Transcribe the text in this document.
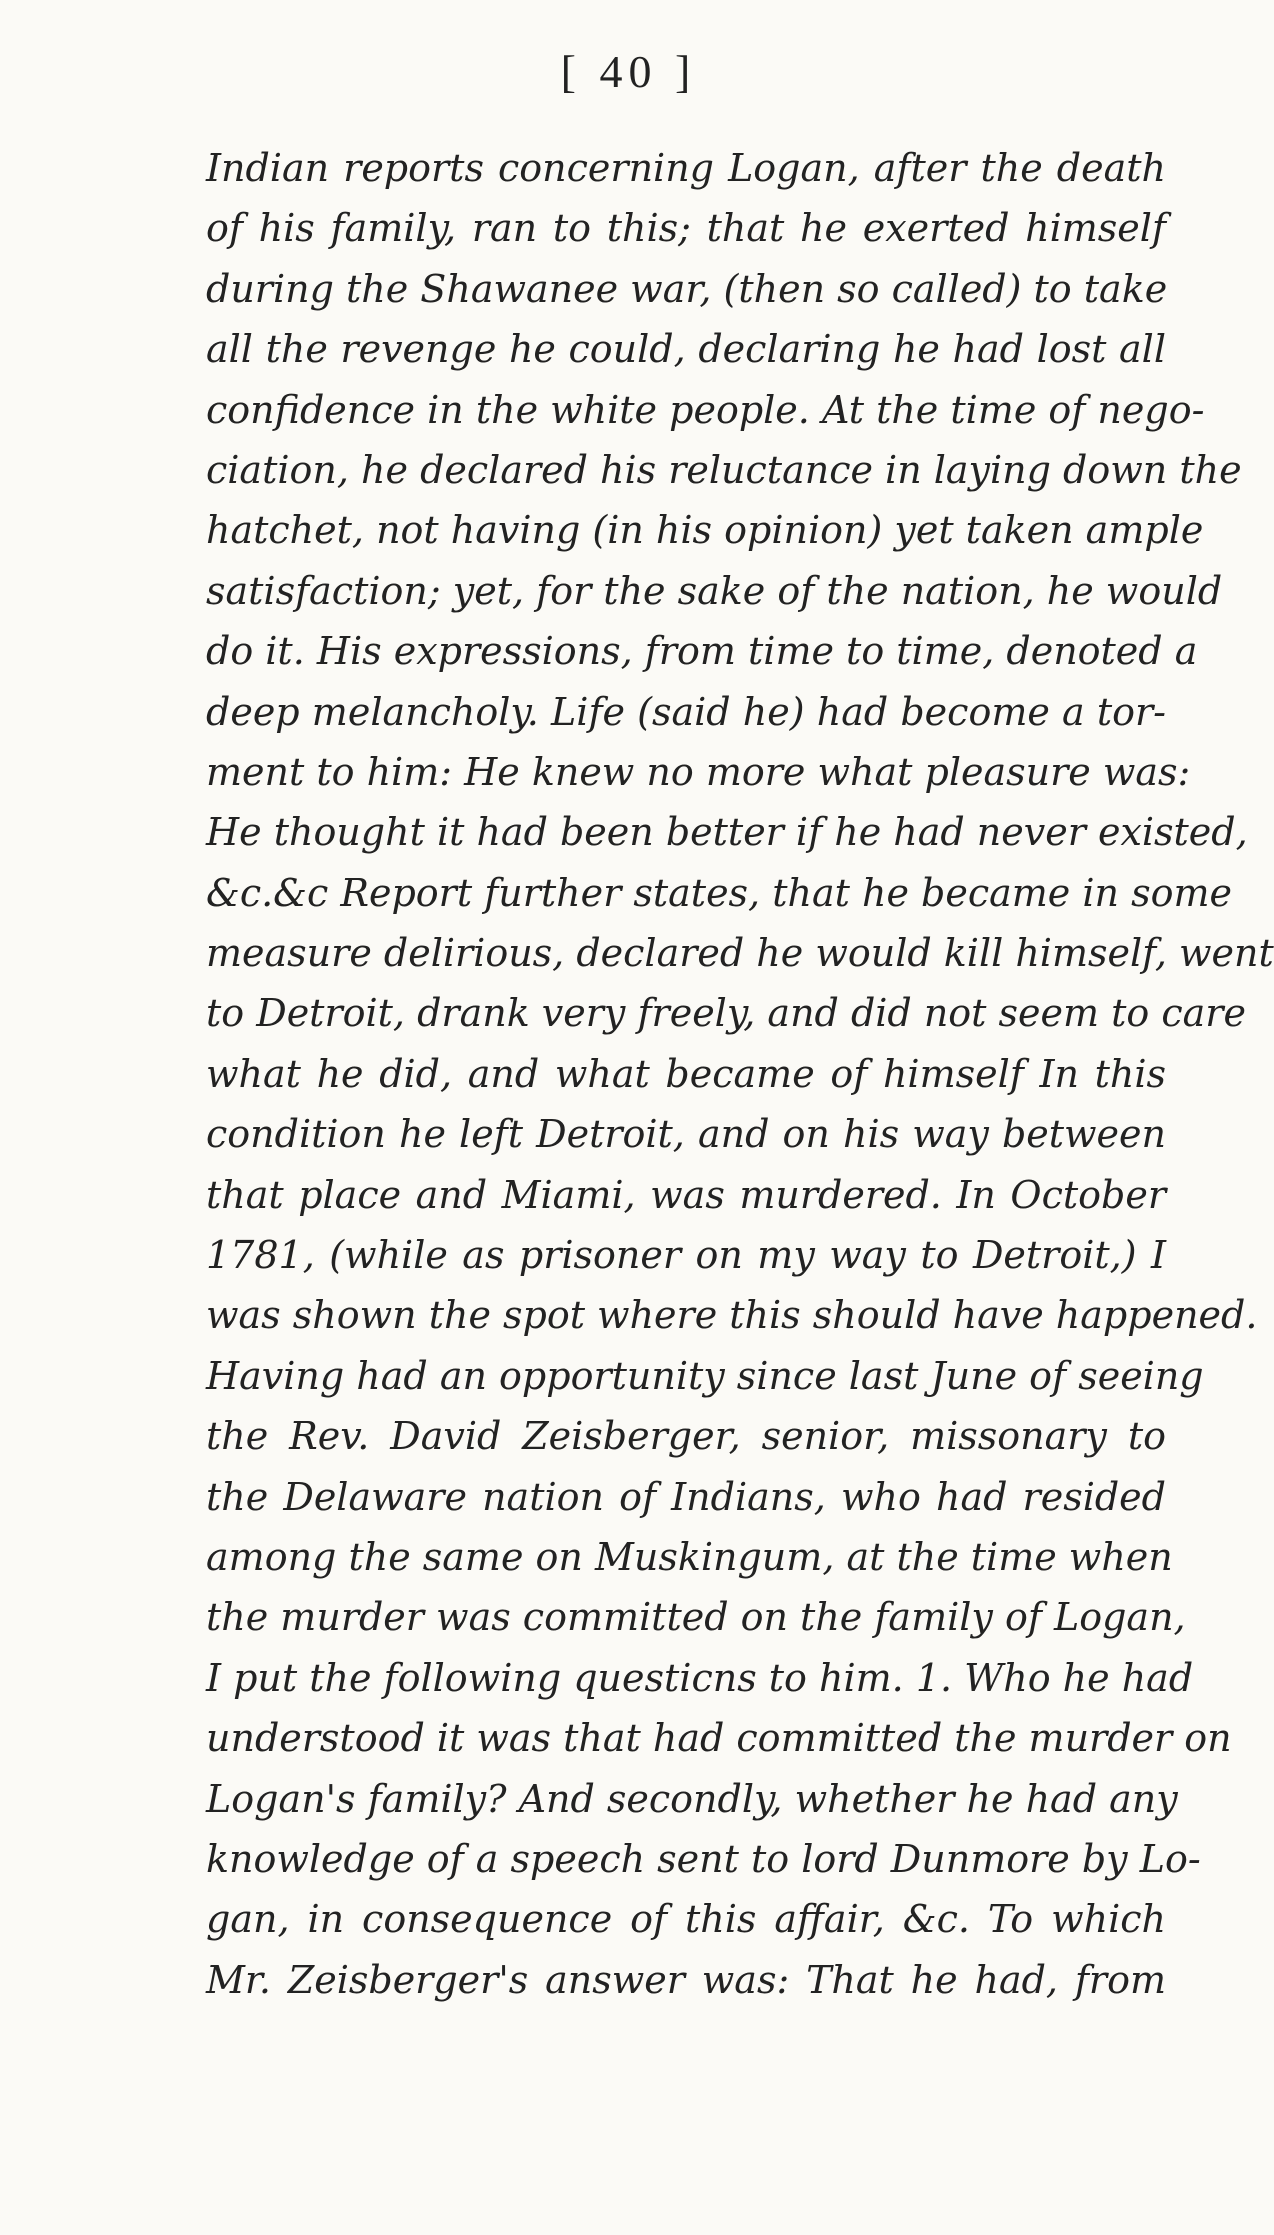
[ 40 ]
Indian reports concerning Logan, after the death
of his family, ran to this; that he exerted himself
during the Shawanee war, (then so called) to take
all the revenge he could, declaring he had lost all
confidence in the white people. At the time of nego-
ciation, he declared his reluctance in laying down the
hatchet, not having (in his opinion) yet taken ample
satisfaction; yet, for the sake of the nation, he would
do it. His expressions, from time to time, denoted a
deep melancholy. Life (said he) had become a tor-
ment to him: He knew no more what pleasure was:
He thought it had been better if he had never existed,
&c.&c Report further states, that he became in some
measure delirious, declared he would kill himself, went
to Detroit, drank very freely, and did not seem to care
what he did, and what became of himself In this
condition he left Detroit, and on his way between
that place and Miami, was murdered. In October
1781, (while as prisoner on my way to Detroit,) I
was shown the spot where this should have happened.
Having had an opportunity since last June of seeing
the Rev. David Zeisberger, senior, missonary to
the Delaware nation of Indians, who had resided
among the same on Muskingum, at the time when
the murder was committed on the family of Logan,
I put the following questicns to him. 1. Who he had
understood it was that had committed the murder on
Logan's family? And secondly, whether he had any
knowledge of a speech sent to lord Dunmore by Lo-
gan, in consequence of this affair, &c. To which
Mr. Zeisberger's answer was: That he had, from
